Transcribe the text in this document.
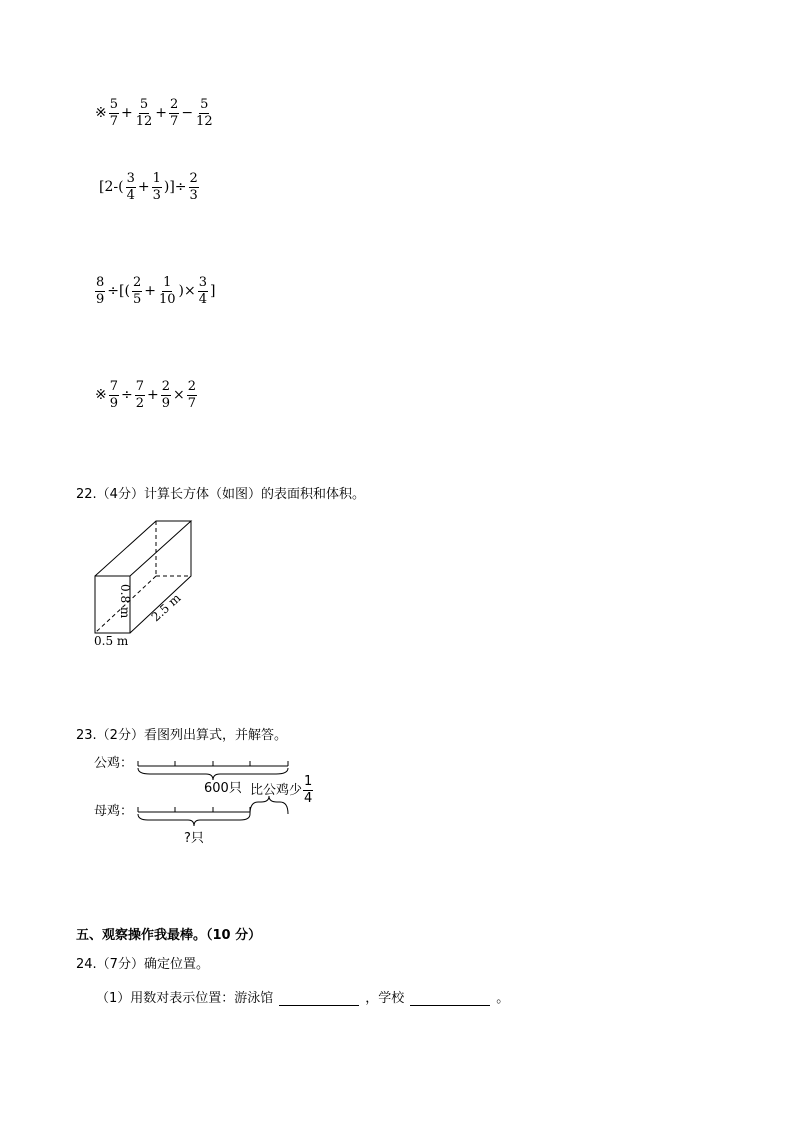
※ $\frac{5}{7} + \frac{5}{12} + \frac{2}{7} - \frac{5}{12}$
[$2-( \frac{3}{4} + \frac{1}{3}$ )]÷ $\frac{2}{3}$
$\frac{8}{9}$ ÷[( $\frac{2}{5} + \frac{1}{10}$ )× $\frac{3}{4}$ ]
※ $\frac{7}{9} \div \frac{7}{2} + \frac{2}{9} \times \frac{2}{7}$
22.（4分）计算长方体（如图）的表面积和体积。
0.8 m 2.5 m
0.5 m
23.（2分）看图列出算式，并解答。
公鸡：
母鸡：
600只 比公鸡少 $\frac{1}{4}$
?只
五、观察操作我最棒。（10 分）
24.（7分）确定位置。
（1）用数对表示位置：游泳馆	，学校	。
